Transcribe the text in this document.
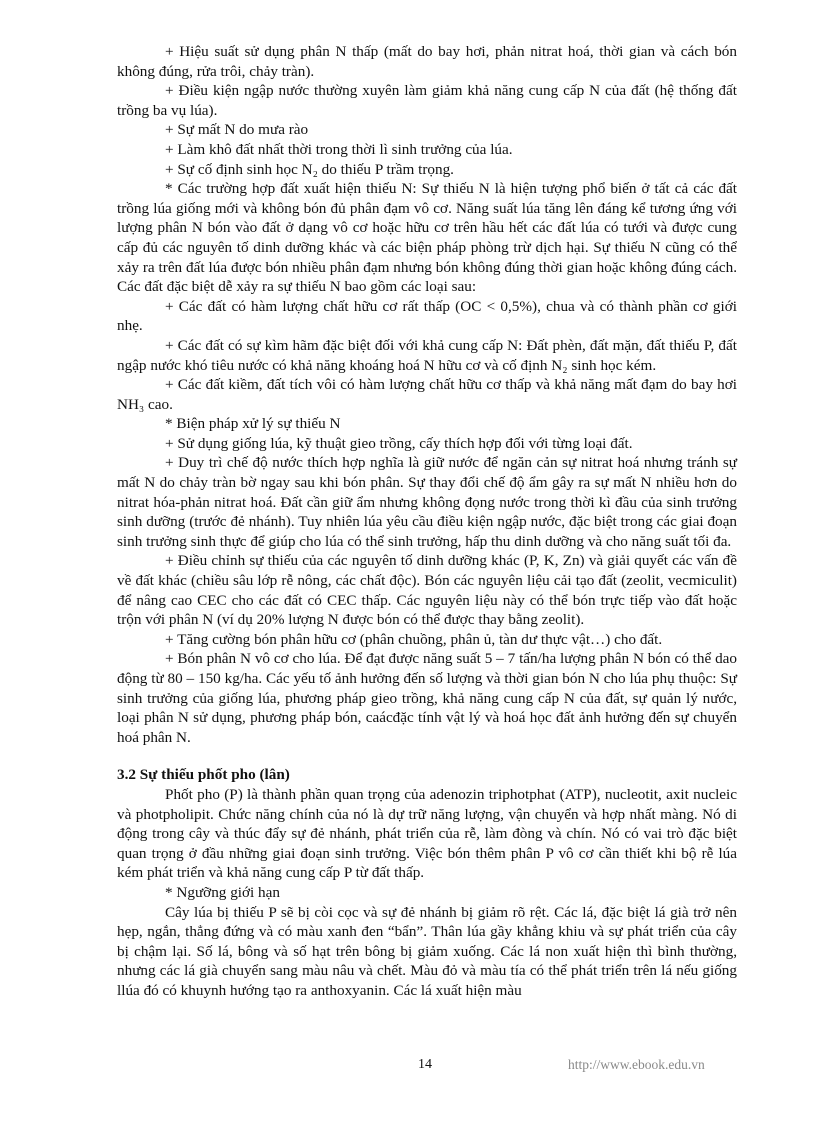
+ Hiệu suất sử dụng phân N thấp (mất do bay hơi, phản nitrat hoá, thời gian và cách bón không đúng, rửa trôi, chảy tràn).

+ Điều kiện ngập nước thường xuyên làm giảm khả năng cung cấp N của đất (hệ thống đất trồng ba vụ lúa).

+ Sự mất N do mưa rào

+ Làm khô đất nhất thời trong thời lì sinh trưởng của lúa.

+ Sự cố định sinh học N₂ do thiếu P trầm trọng.

* Các trường hợp đất xuất hiện thiếu N: Sự thiếu N là hiện tượng phổ biến ở tất cả các đất trồng lúa giống mới và không bón đủ phân đạm vô cơ. Năng suất lúa tăng lên đáng kể tương ứng với lượng phân N bón vào đất ở dạng vô cơ hoặc hữu cơ trên hầu hết các đất lúa có tưới và được cung cấp đủ các nguyên tố dinh dưỡng khác và các biện pháp phòng trừ dịch hại. Sự thiếu N cũng có thể xảy ra trên đất lúa được bón nhiều phân đạm nhưng bón không đúng thời gian hoặc không đúng cách. Các đất đặc biệt dễ xảy ra sự thiếu N bao gồm các loại sau:

+ Các đất có hàm lượng chất hữu cơ rất thấp (OC < 0,5%), chua và có thành phần cơ giới nhẹ.

+ Các đất có sự kìm hãm đặc biệt đối với khả cung cấp N: Đất phèn, đất mặn, đất thiếu P, đất ngập nước khó tiêu nước có khả năng khoáng hoá N hữu cơ và cố định N₂ sinh học kém.

+ Các đất kiềm, đất tích vôi có hàm lượng chất hữu cơ thấp và khả năng mất đạm do bay hơi NH₃ cao.

* Biện pháp xử lý sự thiếu N

+ Sử dụng giống lúa, kỹ thuật gieo trồng, cấy thích hợp đối với từng loại đất.

+ Duy trì chế độ nước thích hợp nghĩa là giữ nước để ngăn cản sự nitrat hoá nhưng tránh sự mất N do chảy tràn bờ ngay sau khi bón phân. Sự thay đổi chế độ ẩm gây ra sự mất N nhiều hơn do nitrat hóa-phản nitrat hoá. Đất cần giữ ẩm nhưng không đọng nước trong thời kì đầu của sinh trưởng sinh dưỡng (trước đẻ nhánh). Tuy nhiên lúa yêu cầu điều kiện ngập nước, đặc biệt trong các giai đoạn sinh trưởng sinh thực để giúp cho lúa có thể sinh trưởng, hấp thu dinh dưỡng và cho năng suất tối đa.

+ Điều chỉnh sự thiếu của các nguyên tố dinh dưỡng khác (P, K, Zn) và giải quyết các vấn đề về đất khác (chiều sâu lớp rễ nông, các chất độc). Bón các nguyên liệu cải tạo đất (zeolit, vecmiculit) để nâng cao CEC cho các đất có CEC thấp. Các nguyên liệu này có thể bón trực tiếp vào đất hoặc trộn với phân N (ví dụ 20% lượng N được bón có thể được thay bằng zeolit).

+ Tăng cường bón phân hữu cơ (phân chuồng, phân ủ, tàn dư thực vật…) cho đất.

+ Bón phân N vô cơ cho lúa. Để đạt được năng suất 5 – 7 tấn/ha lượng phân N bón có thể dao động từ 80 – 150 kg/ha. Các yếu tố ảnh hưởng đến số lượng và thời gian bón N cho lúa phụ thuộc: Sự sinh trưởng của giống lúa, phương pháp gieo trồng, khả năng cung cấp N của đất, sự quản lý nước, loại phân N sử dụng, phương pháp bón, caácđặc tính vật lý và hoá học đất ảnh hưởng đến sự chuyển hoá phân N.

3.2 Sự thiếu phốt pho (lân)

Phốt pho (P) là thành phần quan trọng của adenozin triphotphat (ATP), nucleotit, axit nucleic và photpholipit. Chức năng chính của nó là dự trữ năng lượng, vận chuyển và hợp nhất màng. Nó di động trong cây và thúc đẩy sự đẻ nhánh, phát triển của rễ, làm đòng và chín. Nó có vai trò đặc biệt quan trọng ở đầu những giai đoạn sinh trưởng. Việc bón thêm phân P vô cơ cần thiết khi bộ rễ lúa kém phát triển và khả năng cung cấp P từ đất thấp.

* Ngưỡng giới hạn

Cây lúa bị thiếu P sẽ bị còi cọc và sự đẻ nhánh bị giảm rõ rệt. Các lá, đặc biệt lá già trở nên hẹp, ngắn, thẳng đứng và có màu xanh đen “bẩn”. Thân lúa gầy khẳng khiu và sự phát triển của cây bị chậm lại. Số lá, bông và số hạt trên bông bị giảm xuống. Các lá non xuất hiện thì bình thường, nhưng các lá già chuyển sang màu nâu và chết. Màu đỏ và màu tía có thể phát triển trên lá nếu giống llúa đó có khuynh hướng tạo ra anthoxyanin. Các lá xuất hiện màu

14	http://www.ebook.edu.vn
